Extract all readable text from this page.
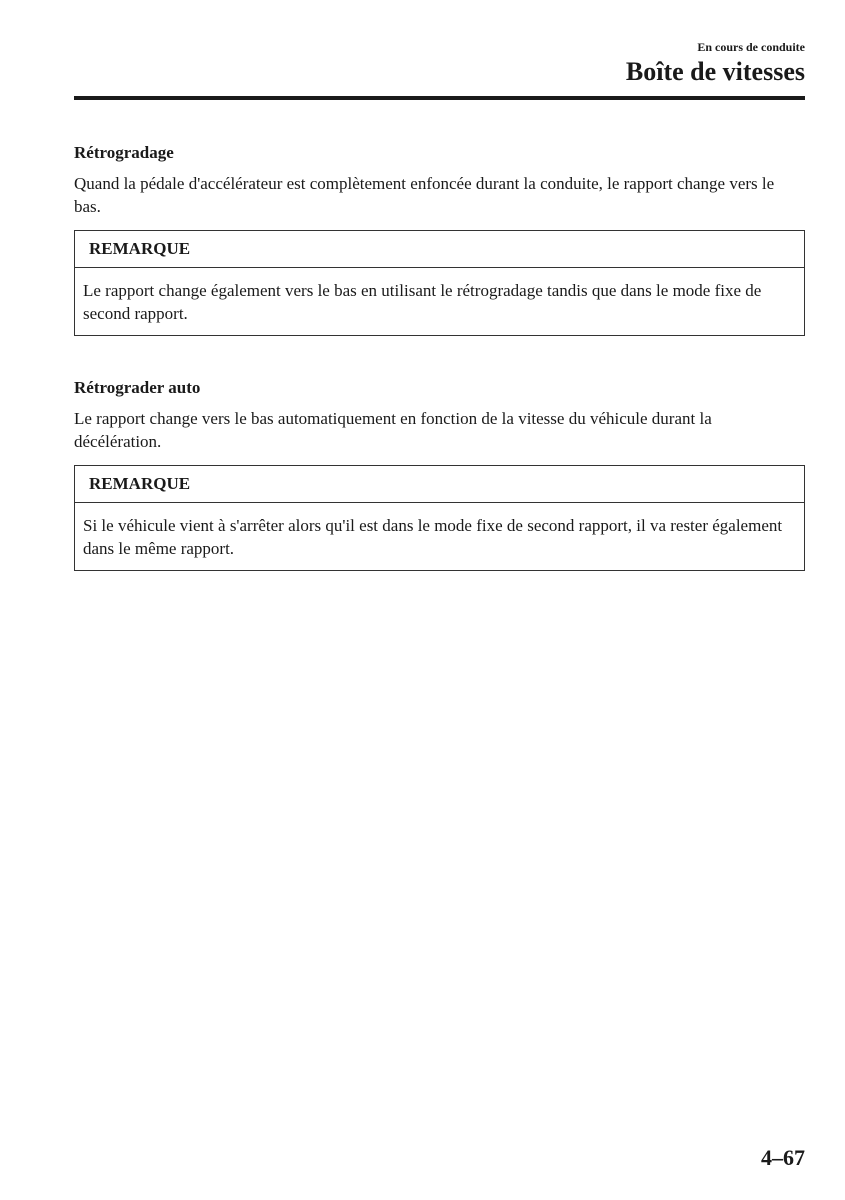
En cours de conduite
Boîte de vitesses
Rétrogradage
Quand la pédale d'accélérateur est complètement enfoncée durant la conduite, le rapport change vers le bas.
REMARQUE
Le rapport change également vers le bas en utilisant le rétrogradage tandis que dans le mode fixe de second rapport.
Rétrograder auto
Le rapport change vers le bas automatiquement en fonction de la vitesse du véhicule durant la décélération.
REMARQUE
Si le véhicule vient à s'arrêter alors qu'il est dans le mode fixe de second rapport, il va rester également dans le même rapport.
4–67
